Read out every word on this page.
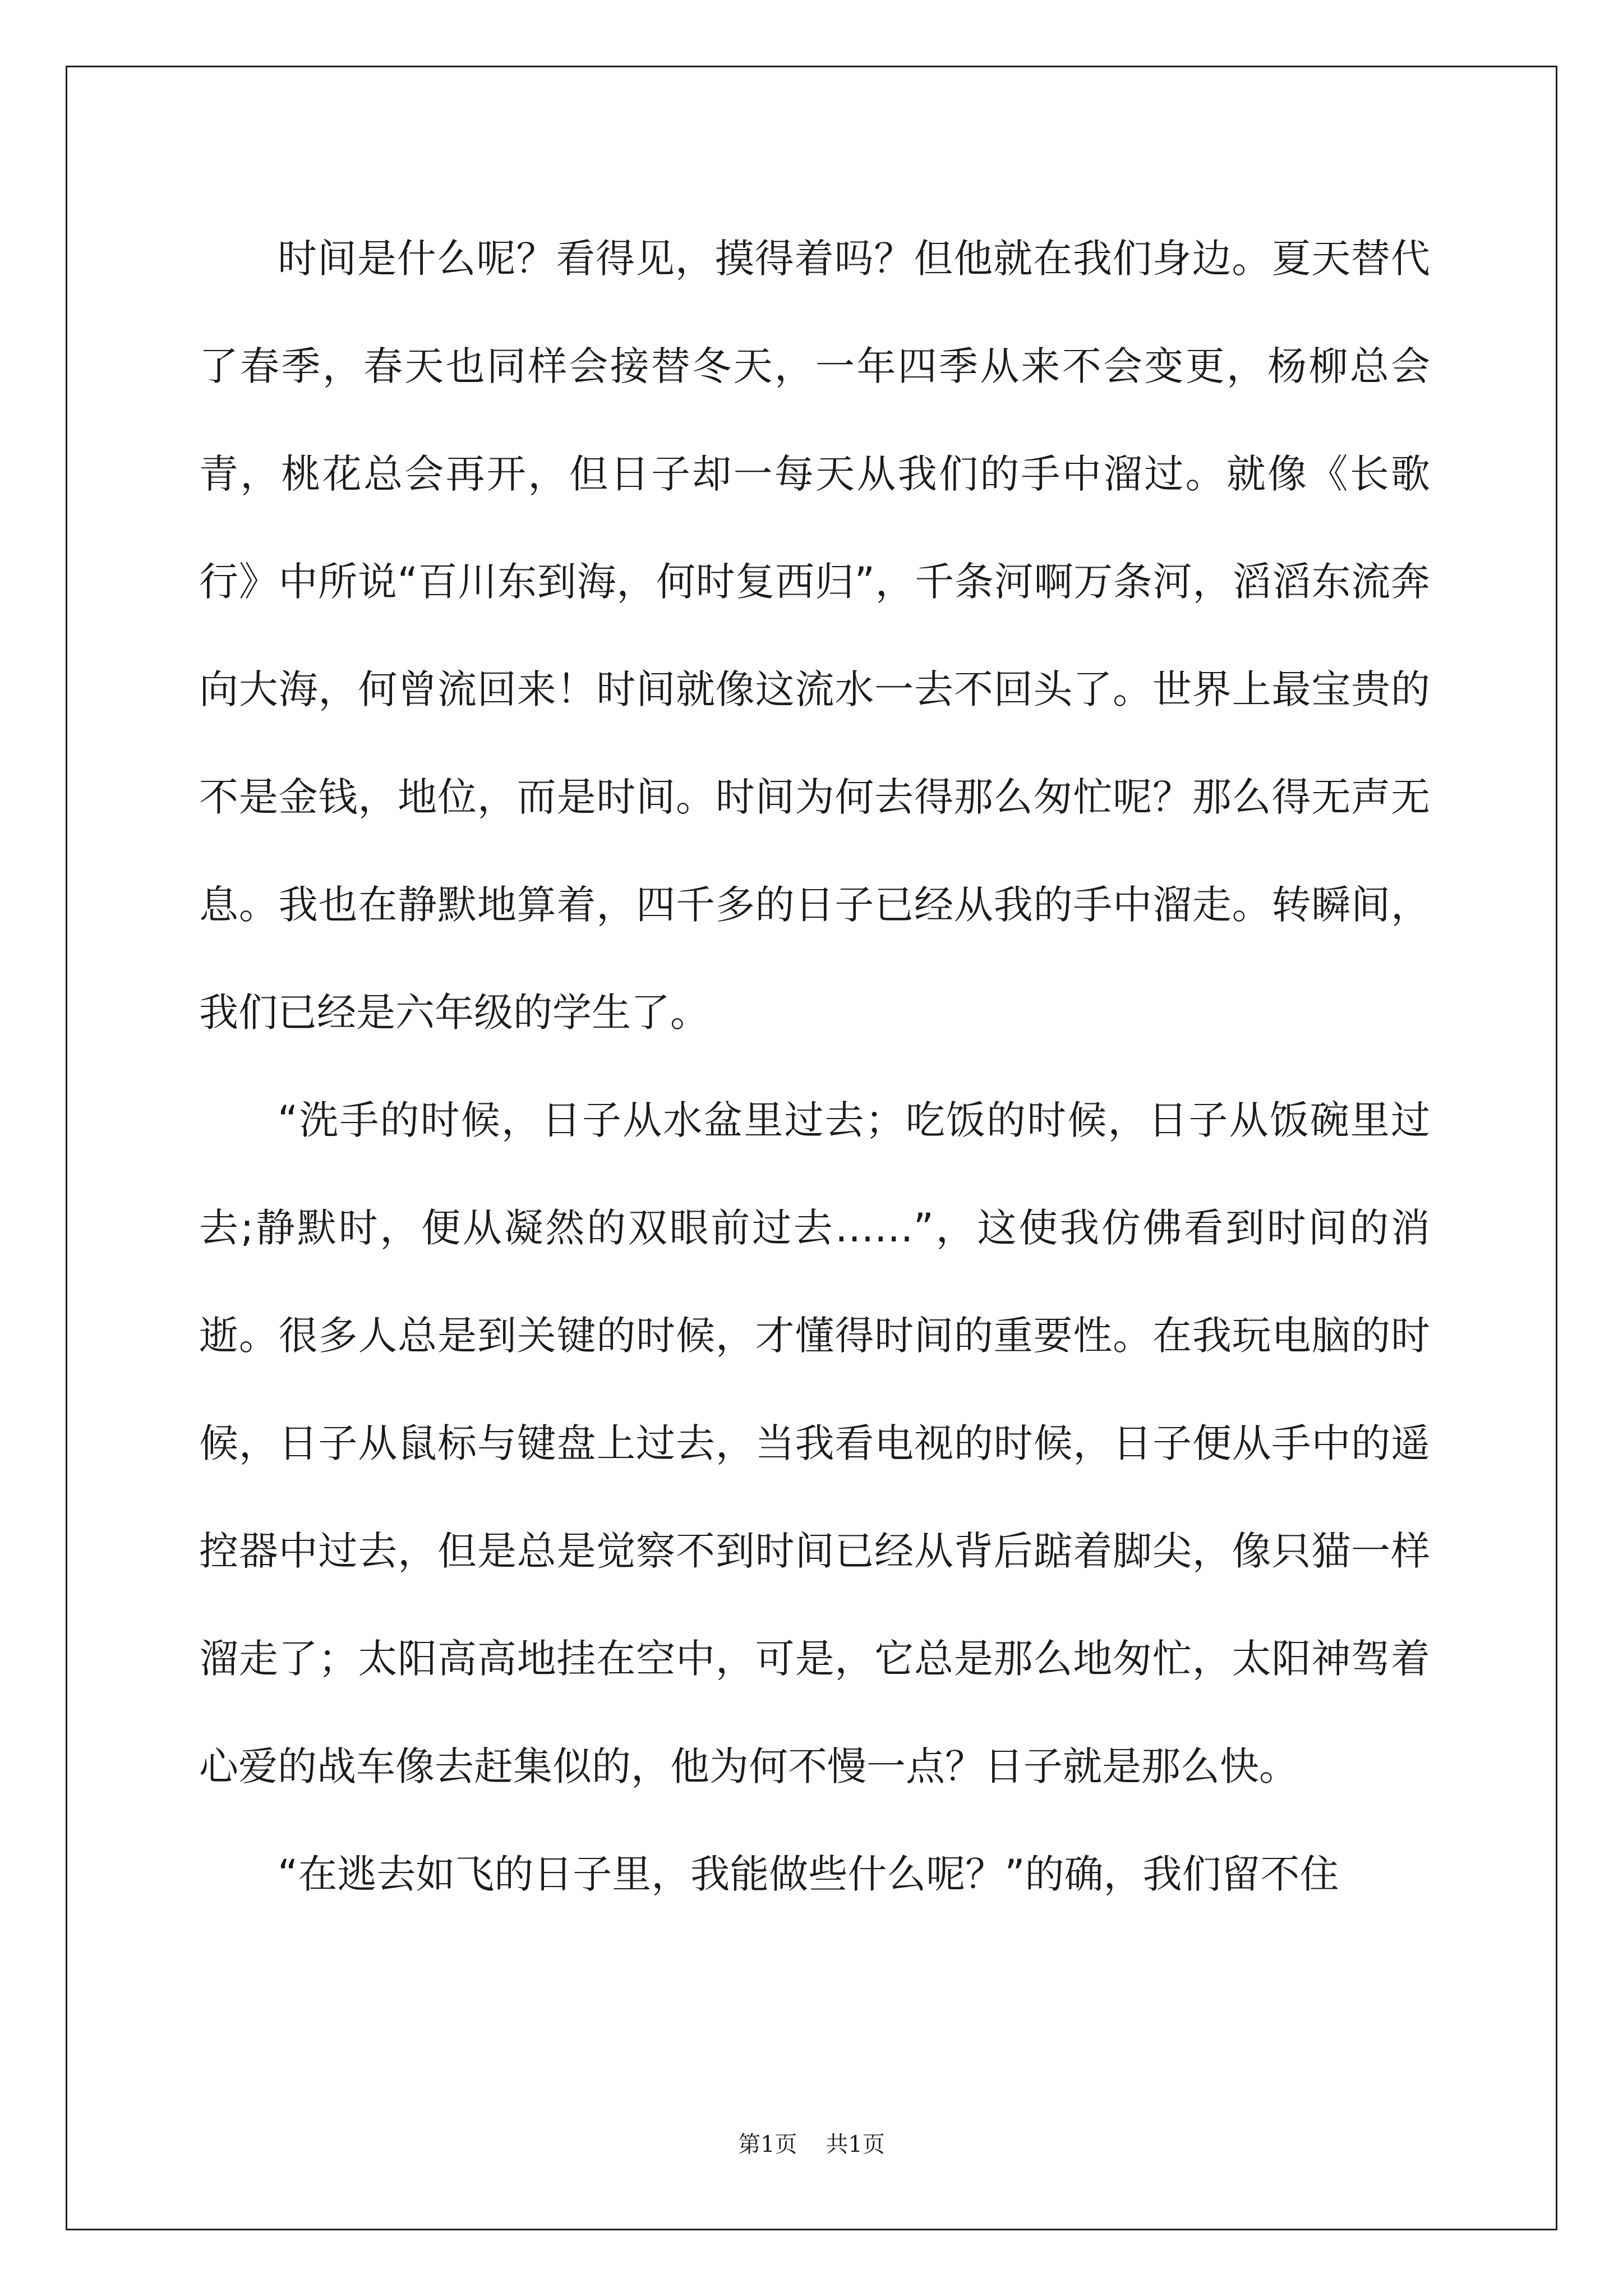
时间是什么呢？看得见，摸得着吗？但他就在我们身边。夏天替代了春季，春天也同样会接替冬天，一年四季从来不会变更，杨柳总会青，桃花总会再开，但日子却一每天从我们的手中溜过。就像《长歌行》中所说“百川东到海，何时复西归”，千条河啊万条河，滔滔东流奔向大海，何曾流回来！时间就像这流水一去不回头了。世界上最宝贵的不是金钱，地位，而是时间。时间为何去得那么匆忙呢？那么得无声无息。我也在静默地算着，四千多的日子已经从我的手中溜走。转瞬间，我们已经是六年级的学生了。

“洗手的时候，日子从水盆里过去；吃饭的时候，日子从饭碗里过去;静默时，便从凝然的双眼前过去……”，这使我仿佛看到时间的消逝。很多人总是到关键的时候，才懂得时间的重要性。在我玩电脑的时候，日子从鼠标与键盘上过去，当我看电视的时候，日子便从手中的遥控器中过去，但是总是觉察不到时间已经从背后踮着脚尖，像只猫一样溜走了；太阳高高地挂在空中，可是，它总是那么地匆忙，太阳神驾着心爱的战车像去赶集似的，他为何不慢一点？日子就是那么快。

“在逃去如飞的日子里，我能做些什么呢？”的确，我们留不住

第1页 共1页
